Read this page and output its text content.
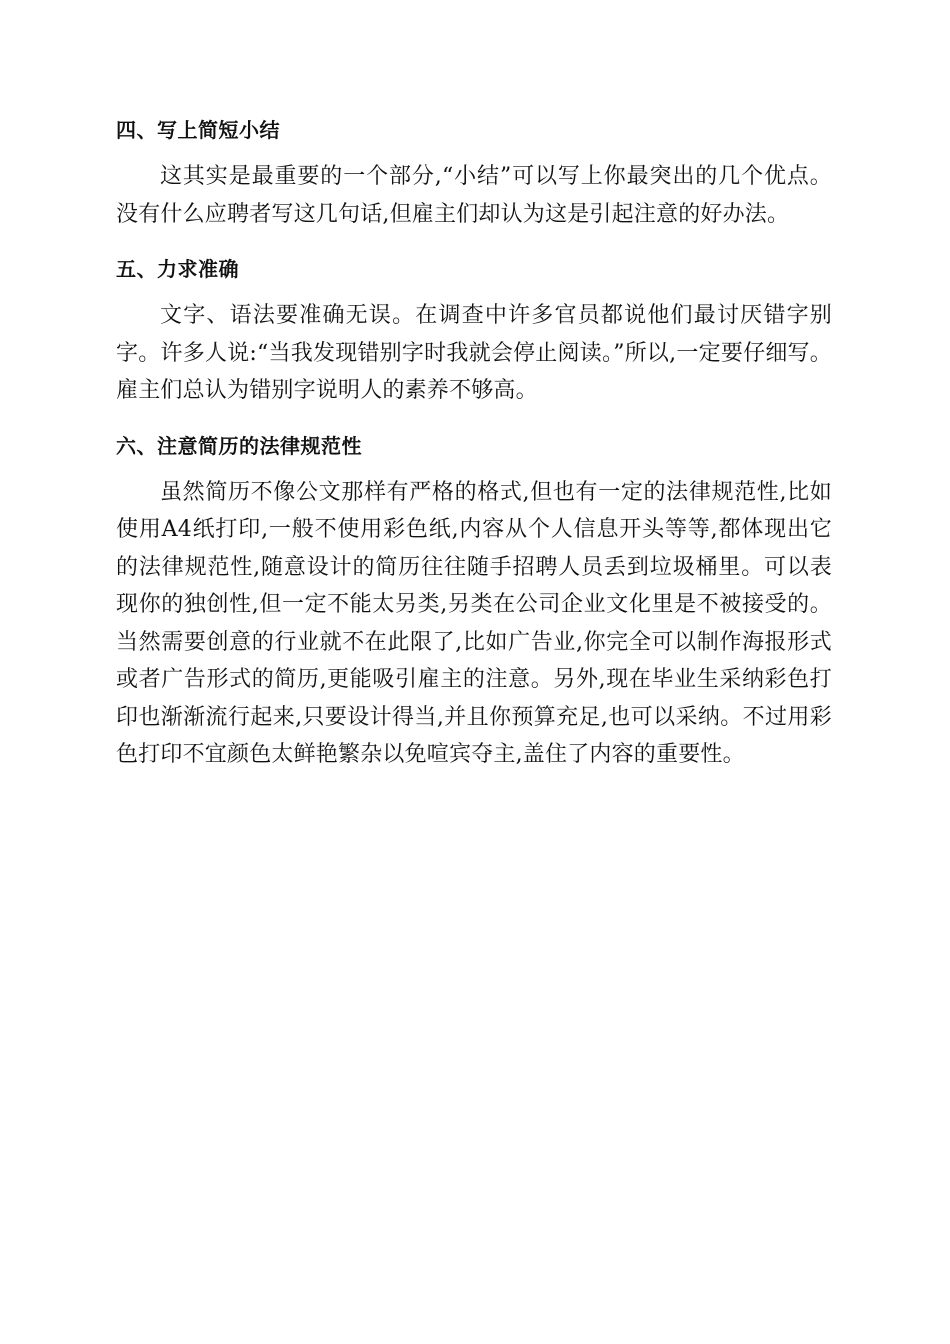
四、写上简短小结

这其实是最重要的一个部分,“小结”可以写上你最突出的几个优点。没有什么应聘者写这几句话,但雇主们却认为这是引起注意的好办法。

五、力求准确

文字、语法要准确无误。在调查中许多官员都说他们最讨厌错字别字。许多人说:“当我发现错别字时我就会停止阅读。”所以,一定要仔细写。雇主们总认为错别字说明人的素养不够高。

六、注意简历的法律规范性

虽然简历不像公文那样有严格的格式,但也有一定的法律规范性,比如使用A4纸打印,一般不使用彩色纸,内容从个人信息开头等等,都体现出它的法律规范性,随意设计的简历往往随手招聘人员丢到垃圾桶里。可以表现你的独创性,但一定不能太另类,另类在公司企业文化里是不被接受的。当然需要创意的行业就不在此限了,比如广告业,你完全可以制作海报形式或者广告形式的简历,更能吸引雇主的注意。另外,现在毕业生采纳彩色打印也渐渐流行起来,只要设计得当,并且你预算充足,也可以采纳。不过用彩色打印不宜颜色太鲜艳繁杂以免喧宾夺主,盖住了内容的重要性。
